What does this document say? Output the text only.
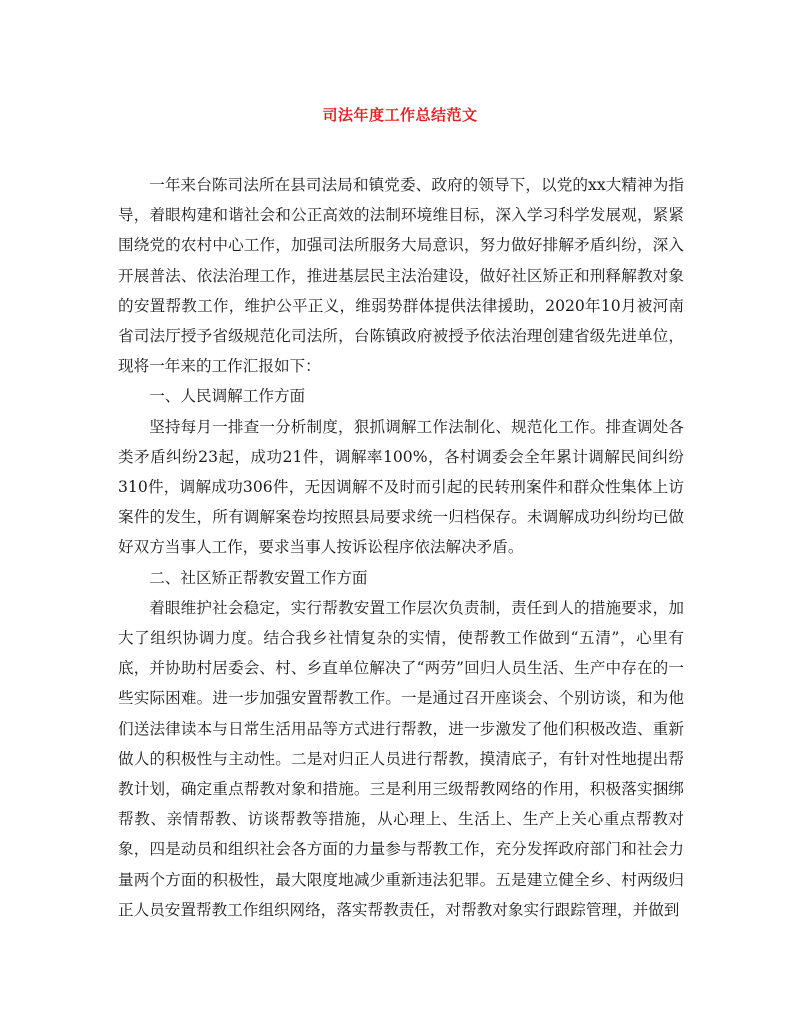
司法年度工作总结范文

一年来台陈司法所在县司法局和镇党委、政府的领导下，以党的xx大精神为指导，着眼构建和谐社会和公正高效的法制环境维目标，深入学习科学发展观，紧紧围绕党的农村中心工作，加强司法所服务大局意识，努力做好排解矛盾纠纷，深入开展普法、依法治理工作，推进基层民主法治建设，做好社区矫正和刑释解教对象的安置帮教工作，维护公平正义，维弱势群体提供法律援助，2020年10月被河南省司法厅授予省级规范化司法所，台陈镇政府被授予依法治理创建省级先进单位，现将一年来的工作汇报如下：

一、人民调解工作方面

坚持每月一排查一分析制度，狠抓调解工作法制化、规范化工作。排查调处各类矛盾纠纷23起，成功21件，调解率100%，各村调委会全年累计调解民间纠纷310件，调解成功306件，无因调解不及时而引起的民转刑案件和群众性集体上访案件的发生，所有调解案卷均按照县局要求统一归档保存。未调解成功纠纷均已做好双方当事人工作，要求当事人按诉讼程序依法解决矛盾。

二、社区矫正帮教安置工作方面

着眼维护社会稳定，实行帮教安置工作层次负责制，责任到人的措施要求，加大了组织协调力度。结合我乡社情复杂的实情，使帮教工作做到“五清”，心里有底，并协助村居委会、村、乡直单位解决了“两劳”回归人员生活、生产中存在的一些实际困难。进一步加强安置帮教工作。一是通过召开座谈会、个别访谈，和为他们送法律读本与日常生活用品等方式进行帮教，进一步激发了他们积极改造、重新做人的积极性与主动性。二是对归正人员进行帮教，摸清底子，有针对性地提出帮教计划，确定重点帮教对象和措施。三是利用三级帮教网络的作用，积极落实捆绑帮教、亲情帮教、访谈帮教等措施，从心理上、生活上、生产上关心重点帮教对象，四是动员和组织社会各方面的力量参与帮教工作，充分发挥政府部门和社会力量两个方面的积极性，最大限度地减少重新违法犯罪。五是建立健全乡、村两级归正人员安置帮教工作组织网络，落实帮教责任，对帮教对象实行跟踪管理，并做到
